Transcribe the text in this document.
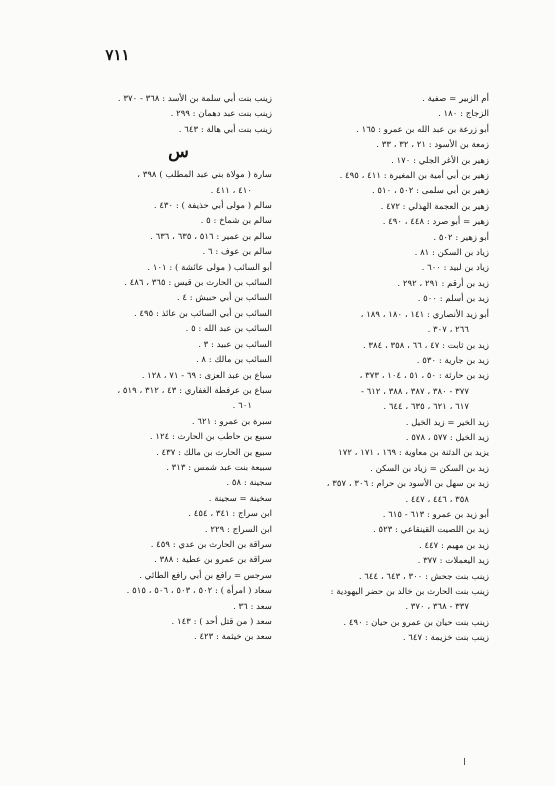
٧١١
أم الزبير = صفية .
الزجاج : ١٨٠ .
أبو زرعة بن عبد الله بن عمرو : ١٦٥ .
زمعة بن الأسود : ٢١ ، ٣٢ ، ٣٣ .
زهير بن الأغر الجلي : ١٧٠ .
زهير بن أبي أمية بن المغيرة : ٤١١ ، ٤٩٥ .
زهير بن أبي سلمى : ٥٠٢ ، ٥١٠ .
زهير بن العجمة الهذلي : ٤٧٢ .
زهير = أبو صرد : ٤٤٨ ، ٤٩٠ .
أبو زهير : ٥٠٢ .
زياد بن السكن : ٨١ .
زياد بن لبيد : ٦٠٠ .
زيد بن أرقم : ٢٩١ ، ٢٩٢ .
زيد بن أسلم : ٥٠٠ .
أبو زيد الأنصاري : ١٤١ ، ١٨٠ ، ١٨٩ ،
٢٦٦ ، ٣٠٧ .
زيد بن ثابت : ٤٧ ، ٦٦ ، ٣٥٨ ، ٣٨٤ .
زيد بن جارية : ٥٣٠ .
زيد بن حارثة : ٥٠ ، ٥١ ، ١٠٤ ، ٣٧٣ ،
٣٧٧ - ٣٨٠ ، ٣٨٧ ، ٣٨٨ ، ٦١٢ -
٦١٧ ، ٦٢١ ، ٦٣٥ ، ٦٤٤ .
زيد الخير = زيد الخيل .
زيد الخيل : ٥٧٧ ، ٥٧٨ .
يزيد بن الدثنة بن معاوية : ١٦٩ ، ١٧١ ، ١٧٢
زيد بن السكن = زياد بن السكن .
زيد بن سهل بن الأسود بن حرام : ٣٠٦ ، ٣٥٧ ،
٣٥٨ ، ٤٤٦ ، ٤٤٧ .
أبو زيد بن عمرو : ٦١٣ - ٦١٥ .
زيد بن اللصيت القينقاعي : ٥٢٣ .
زيد بن مهيم : ٤٤٧ .
زيد اليعملات : ٣٧٧ .
زينب بنت جحش : ٣٠٠ ، ٦٤٣ ، ٦٤٤ .
زينب بنت الحارث بن خالد بن حضر اليهودية :
٣٣٧ - ٣٦٨ ، ٣٧٠ .
زينب بنت حيان بن عمرو بن حيان : ٤٩٠ .
زينب بنت خزيمة : ٦٤٧ .
زينب بنت أبي سلمة بن الأسد : ٣٦٨ - ٣٧٠ .
زينب بنت عبد دهمان : ٢٩٩ .
زينب بنت أبي هالة : ٦٤٣ .
س
سارة ( مولاة بني عبد المطلب ) ٣٩٨ ،
٤١٠ ، ٤١١ .
سالم ( مولى أبي حذيفة ) : ٤٣٠ .
سالم بن شماخ : ٥ .
سالم بن عمير : ٥١٦ ، ٦٣٥ ، ٦٣٦ .
سالم بن عوف : ٦ .
أبو السائب ( مولى عائشة ) : ١٠١ .
السائب بن الحارث بن قيس : ٣٦٥ ، ٤٨٦ .
السائب بن أبي حبيش : ٤ .
السائب بن أبي السائب بن عائذ : ٤٩٥ .
السائب بن عبد الله : ٥ .
السائب بن عبيد : ٣ .
السائب بن مالك : ٨ .
سباع بن عبد العزى : ٦٩ - ٧١ ، ١٢٨ .
سباع بن عرفطة الغفاري : ٤٣ ، ٣١٢ ، ٥١٩ ،
٦٠١ .
سبرة بن عمرو : ٦٢١ .
سبيع بن حاطب بن الحارث : ١٢٤ .
سبيع بن الحارث بن مالك : ٤٣٧ .
سبيعة بنت عبد شمس : ٣١٣ .
سجينة : ٥٨ .
سخينة = سجينة .
ابن سراج : ٣٤١ ، ٤٥٤ .
ابن السراج : ٢٢٩ .
سراقة بن الحارث بن عدي : ٤٥٩ .
سراقة بن عمرو بن عطية : ٣٨٨ .
سرجس = رافع بن أبي رافع الطائي .
سعاد ( امرأة ) : ٥٠٢ ، ٥٠٣ ، ٥٠٦ ، ٥١٥ .
سعد : ٣٦ .
سعد ( من قتل أحد ) : ١٤٣ .
سعد بن خيثمة : ٤٢٣ .
